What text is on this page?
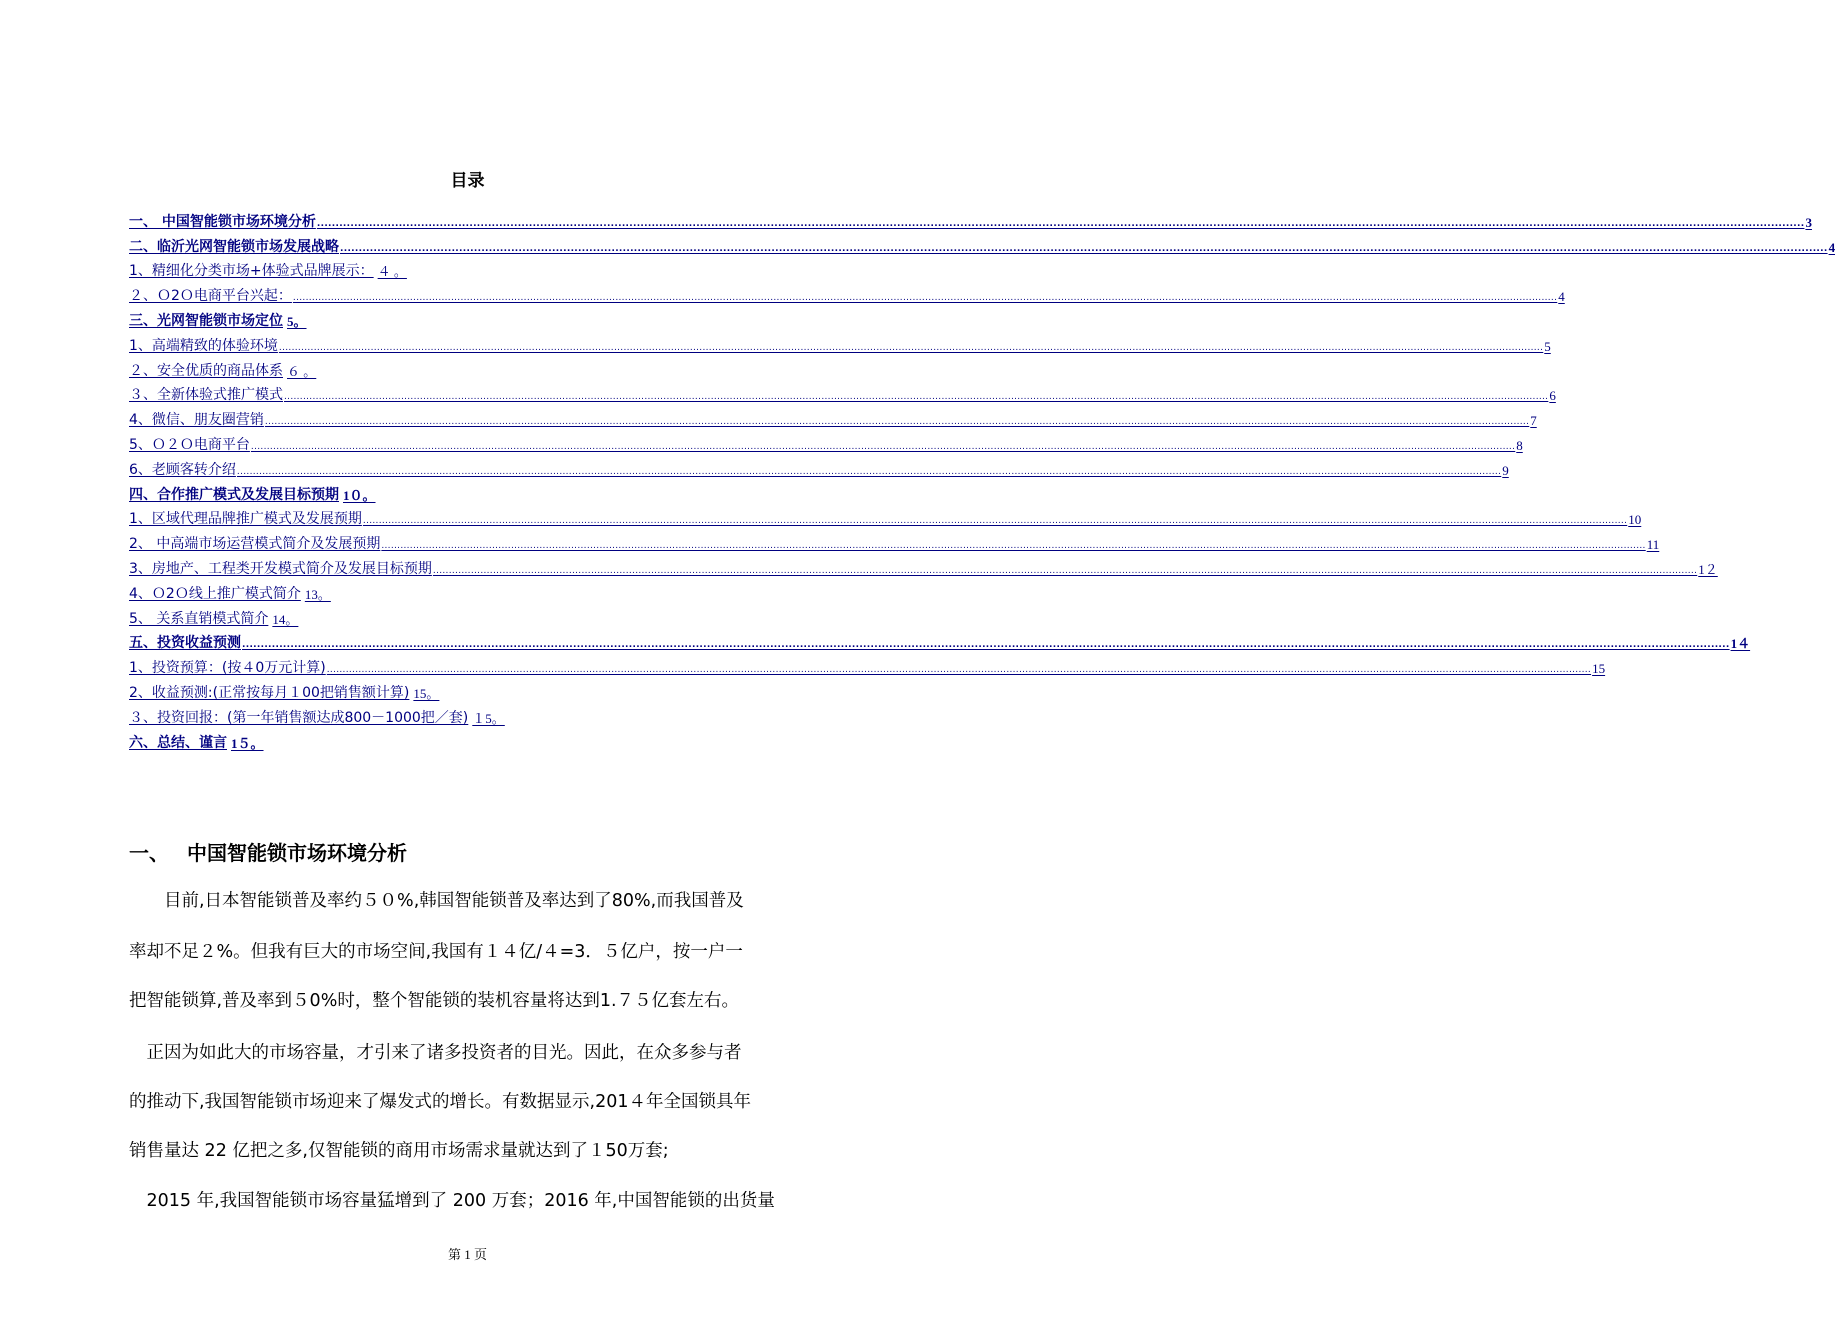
目录
一、 中国智能锁市场环境分析 ................................................................................................................................................................................................................................................................................................................................................................................................................ 3
二、临沂光网智能锁市场发展战略 ................................................................................................................................................................................................................................................................................................................................................................................................................ 4
1、精细化分类市场+体验式品牌展示： ４ 。
２、Ｏ2Ｏ电商平台兴起： ................................................................................................................................................................................................................................................................................................................................................................................................................ 4
三、光网智能锁市场定位 5。
1、高端精致的体验环境 ................................................................................................................................................................................................................................................................................................................................................................................................................ 5
２、安全优质的商品体系 ６ 。
３、全新体验式推广模式 ................................................................................................................................................................................................................................................................................................................................................................................................................ 6
4、微信、朋友圈营销 ................................................................................................................................................................................................................................................................................................................................................................................................................ 7
5、Ｏ２Ｏ电商平台 ................................................................................................................................................................................................................................................................................................................................................................................................................ 8
6、老顾客转介绍 ................................................................................................................................................................................................................................................................................................................................................................................................................ 9
四、合作推广模式及发展目标预期 1０。
1、区域代理品牌推广模式及发展预期 ................................................................................................................................................................................................................................................................................................................................................................................................................ 10
2、 中高端市场运营模式简介及发展预期 ................................................................................................................................................................................................................................................................................................................................................................................................................ 11
3、房地产、工程类开发模式简介及发展目标预期 ................................................................................................................................................................................................................................................................................................................................................................................................................ 1２
4、Ｏ2Ｏ线上推广模式简介 13。
5、 关系直销模式简介 14。
五、投资收益预测 ................................................................................................................................................................................................................................................................................................................................................................................................................ 1４
1、投资预算：(按４0万元计算) ................................................................................................................................................................................................................................................................................................................................................................................................................ 15
2、收益预测:(正常按每月１00把销售额计算) 15。
３、投资回报：(第一年销售额达成800－1000把／套) １5。
六、总结、谨言 1５。
一、 中国智能锁市场环境分析
　　目前,日本智能锁普及率约５０%,韩国智能锁普及率达到了80%,而我国普及
率却不足２%。但我有巨大的市场空间,我国有１４亿/４=3．５亿户，按一户一
把智能锁算,普及率到５0%时，整个智能锁的装机容量将达到1.７５亿套左右。
　正因为如此大的市场容量，才引来了诸多投资者的目光。因此，在众多参与者
的推动下,我国智能锁市场迎来了爆发式的增长。有数据显示,201４年全国锁具年
销售量达 22 亿把之多,仅智能锁的商用市场需求量就达到了１50万套;
　2015 年,我国智能锁市场容量猛增到了 200 万套；2016 年,中国智能锁的出货量
第 1 页
